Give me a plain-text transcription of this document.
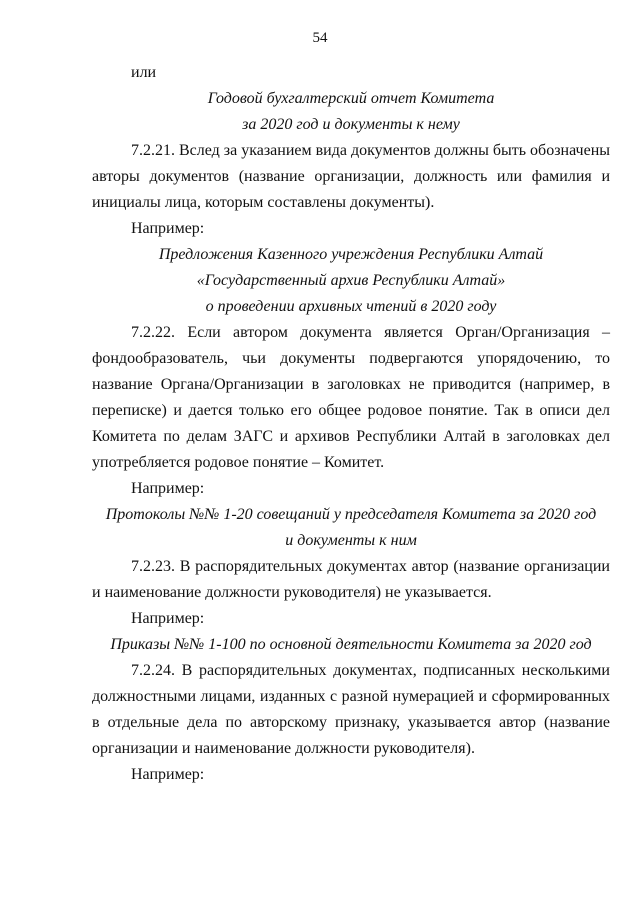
54

или

Годовой бухгалтерский отчет Комитета

за 2020 год и документы к нему

7.2.21. Вслед за указанием вида документов должны быть обозначены авторы документов (название организации, должность или фамилия и инициалы лица, которым составлены документы).

Например:

Предложения Казенного учреждения Республики Алтай

«Государственный архив Республики Алтай»

о проведении архивных чтений в 2020 году

7.2.22. Если автором документа является Орган/Организация – фондообразователь, чьи документы подвергаются упорядочению, то название Органа/Организации в заголовках не приводится (например, в переписке) и дается только его общее родовое понятие. Так в описи дел Комитета по делам ЗАГС и архивов Республики Алтай в заголовках дел употребляется родовое понятие – Комитет.

Например:

Протоколы №№ 1-20 совещаний у председателя Комитета за 2020 год

и документы к ним

7.2.23. В распорядительных документах автор (название организации и наименование должности руководителя) не указывается.

Например:

Приказы №№ 1-100 по основной деятельности Комитета за 2020 год

7.2.24. В распорядительных документах, подписанных несколькими должностными лицами, изданных с разной нумерацией и сформированных в отдельные дела по авторскому признаку, указывается автор (название организации и наименование должности руководителя).

Например:
